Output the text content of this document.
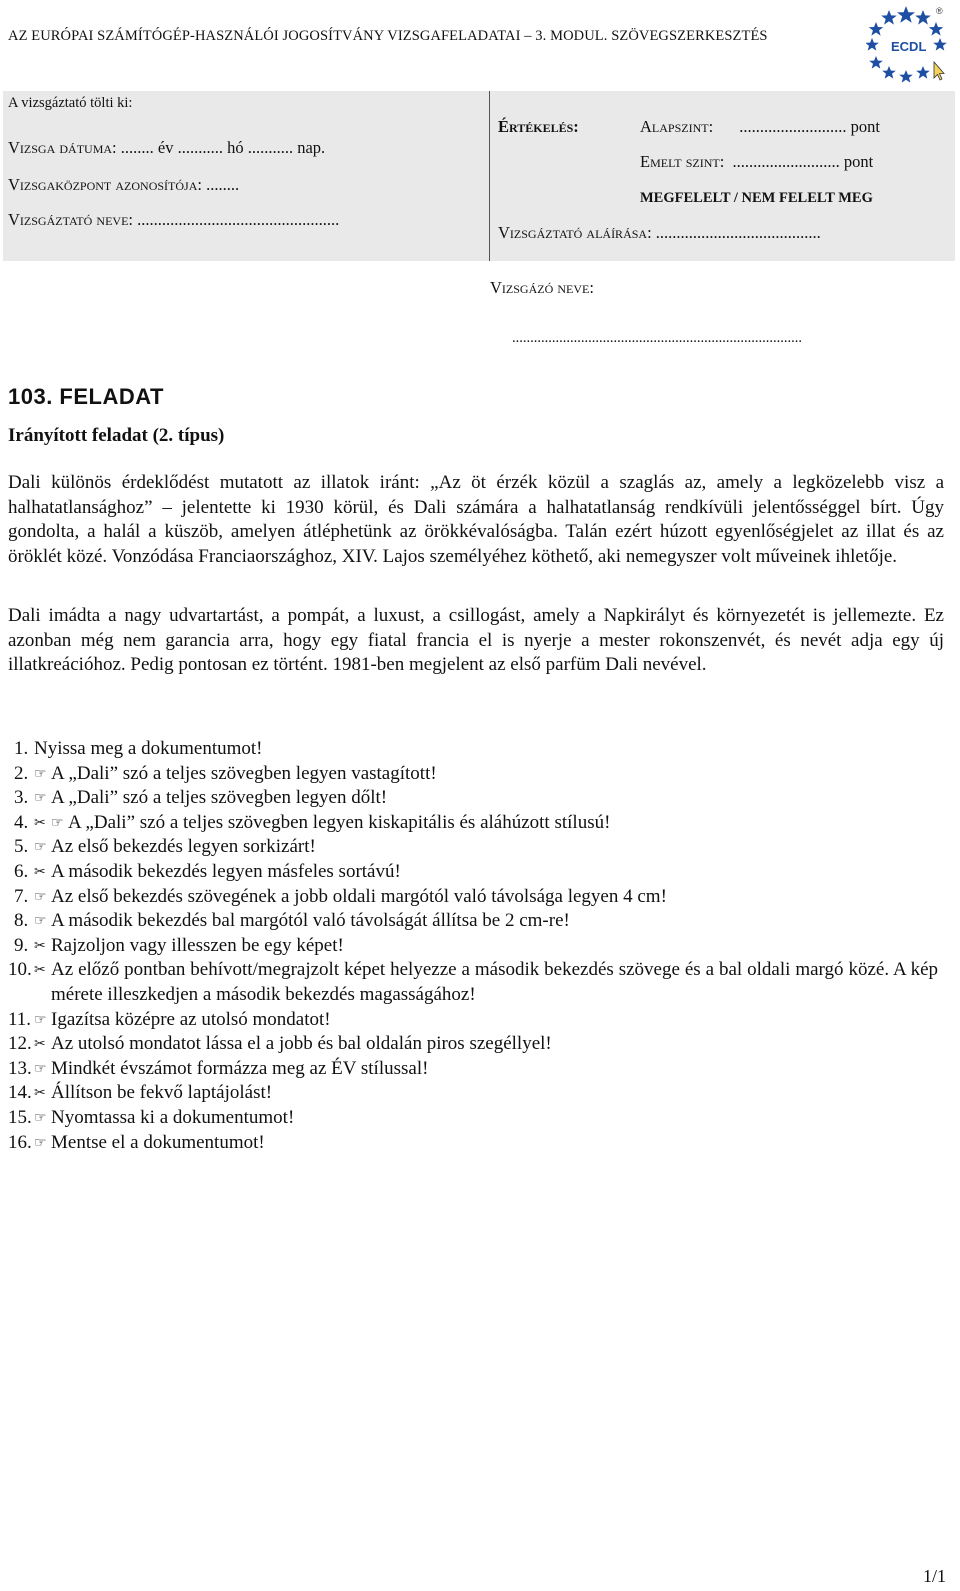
AZ EURÓPAI SZÁMÍTÓGÉP-HASZNÁLÓI JOGOSÍTVÁNY VIZSGAFELADATAI – 3. MODUL. SZÖVEGSZERKESZTÉS
ECDL
®
A vizsgáztató tölti ki:
Vizsga dátuma: ........ év ........... hó ........... nap.
Vizsgaközpont azonosítója: ........
Vizsgáztató neve: .................................................
Értékelés:	Alapszint: .......................... pont
Emelt szint: .......................... pont
MEGFELELT / NEM FELELT MEG
Vizsgáztató aláírása: ........................................
Vizsgázó neve:
................................................................................
103. FELADAT
Irányított feladat (2. típus)

Dali különös érdeklődést mutatott az illatok iránt: „Az öt érzék közül a szaglás az, amely a legközelebb visz a halhatatlansághoz” – jelentette ki 1930 körül, és Dali számára a halhatatlanság rendkívüli jelentősséggel bírt. Úgy gondolta, a halál a küszöb, amelyen átléphetünk az örökkévalóságba. Talán ezért húzott egyenlőségjelet az illat és az öröklét közé. Vonzódása Franciaországhoz, XIV. Lajos személyéhez köthető, aki nemegyszer volt műveinek ihletője.

Dali imádta a nagy udvartartást, a pompát, a luxust, a csillogást, amely a Napkirályt és környezetét is jellemezte. Ez azonban még nem garancia arra, hogy egy fiatal francia el is nyerje a mester rokonszenvét, és nevét adja egy új illatkreációhoz. Pedig pontosan ez történt. 1981-ben megjelent az első parfüm Dali nevével.

1. Nyissa meg a dokumentumot!
2. ☞ A „Dali” szó a teljes szövegben legyen vastagított!
3. ☞ A „Dali” szó a teljes szövegben legyen dőlt!
4. ✂ ☞ A „Dali” szó a teljes szövegben legyen kiskapitális és aláhúzott stílusú!
5. ☞ Az első bekezdés legyen sorkizárt!
6. ✂ A második bekezdés legyen másfeles sortávú!
7. ☞ Az első bekezdés szövegének a jobb oldali margótól való távolsága legyen 4 cm!
8. ☞ A második bekezdés bal margótól való távolságát állítsa be 2 cm-re!
9. ✂ Rajzoljon vagy illesszen be egy képet!
10. ✂ Az előző pontban behívott/megrajzolt képet helyezze a második bekezdés szövege és a bal oldali margó közé. A kép mérete illeszkedjen a második bekezdés magasságához!
11. ☞ Igazítsa középre az utolsó mondatot!
12. ✂ Az utolsó mondatot lássa el a jobb és bal oldalán piros szegéllyel!
13. ☞ Mindkét évszámot formázza meg az ÉV stílussal!
14. ✂ Állítson be fekvő laptájolást!
15. ☞ Nyomtassa ki a dokumentumot!
16. ☞ Mentse el a dokumentumot!
1/1
